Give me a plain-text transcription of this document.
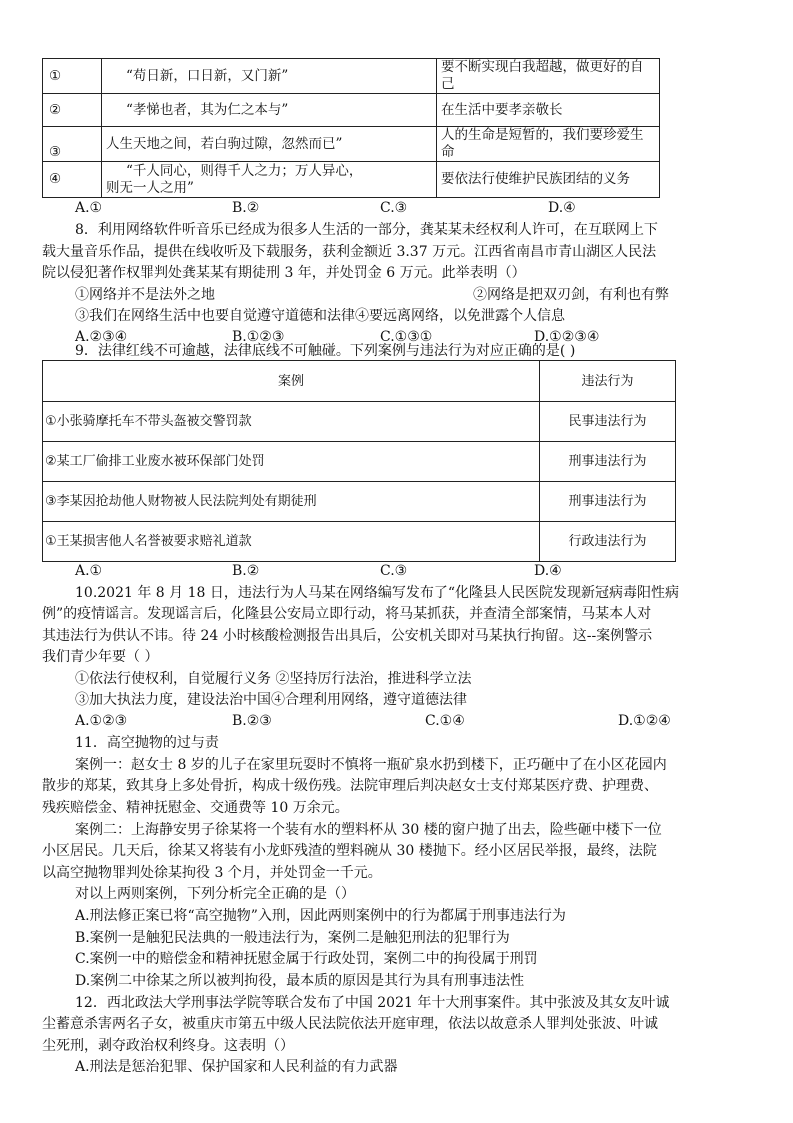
①	“苟日新，口日新，又门新”	要不断实现白我超越，做更好的自己
②	“孝悌也者，其为仁之本与”	在生活中要孝亲敬长
③	人生天地之间，若白驹过隙，忽然而已”	人的生命是短暂的，我们要珍爱生命
④	“千人同心，则得千人之力；万人异心，
则无一人之用”	要依法行使维护民族团结的义务
A.①	B.②	C.③	D.④
8．利用网络软件听音乐已经成为很多人生活的一部分，龚某某未经权利人许可，在互联网上下
载大量音乐作品，提供在线收听及下载服务，获利金额近 3.37 万元。江西省南昌市青山湖区人民法
院以侵犯著作权罪判处龚某某有期徒刑 3 年，并处罚金 6 万元。此举表明（）
①网络并不是法外之地	②网络是把双刃剑，有利也有弊
③我们在网络生活中也要自觉遵守道德和法律④要远离网络，以免泄露个人信息
A.②③④	B.①②③	C.①③①	D.①②③④
9．法律红线不可逾越，法律底线不可触碰。下列案例与违法行为对应正确的是( )
案例	违法行为
①小张骑摩托车不带头盔被交警罚款	民事违法行为
②某工厂偷排工业废水被环保部门处罚	刑事违法行为
③李某因抢劫他人财物被人民法院判处有期徒刑	刑事违法行为
①王某损害他人名誉被要求赔礼道款	行政违法行为
A.①	B.②	C.③	D.④
10.2021 年 8 月 18 日，违法行为人马某在网络编写发布了“化隆县人民医院发现新冠病毒阳性病
例”的疫情谣言。发现谣言后，化隆县公安局立即行动，将马某抓获，并查清全部案情，马某本人对
其违法行为供认不讳。待 24 小时核酸检测报告出具后，公安机关即对马某执行拘留。这--案例警示
我们青少年要（ ）
①依法行使权利，自觉履行义务 ②坚持厉行法治，推进科学立法
③加大执法力度，建设法治中国④合理利用网络，遵守道德法律
A.①②③	B.②③	C.①④	D.①②④
11．高空抛物的过与责
案例一：赵女士 8 岁的儿子在家里玩耍时不慎将一瓶矿泉水扔到楼下，正巧砸中了在小区花园内
散步的郑某，致其身上多处骨折，构成十级伤残。法院审理后判决赵女士支付郑某医疗费、护理费、
残疾赔偿金、精神抚慰金、交通费等 10 万余元。
案例二：上海静安男子徐某将一个装有水的塑料杯从 30 楼的窗户抛了出去，险些砸中楼下一位
小区居民。几天后，徐某又将装有小龙虾残渣的塑料碗从 30 楼抛下。经小区居民举报，最终，法院
以高空抛物罪判处徐某拘役 3 个月，并处罚金一千元。
对以上两则案例，下列分析完全正确的是（）
A.刑法修正案已将“高空抛物”入刑，因此两则案例中的行为都属于刑事违法行为
B.案例一是触犯民法典的一般违法行为，案例二是触犯刑法的犯罪行为
C.案例一中的赔偿金和精神抚慰金属于行政处罚，案例二中的拘役属于刑罚
D.案例二中徐某之所以被判拘役，最本质的原因是其行为具有刑事违法性
12．西北政法大学刑事法学院等联合发布了中国 2021 年十大刑事案件。其中张波及其女友叶诚
尘蓄意杀害两名子女，被重庆市第五中级人民法院依法开庭审理，依法以故意杀人罪判处张波、叶诚
尘死刑，剥夺政治权利终身。这表明（）
A.刑法是惩治犯罪、保护国家和人民利益的有力武器
